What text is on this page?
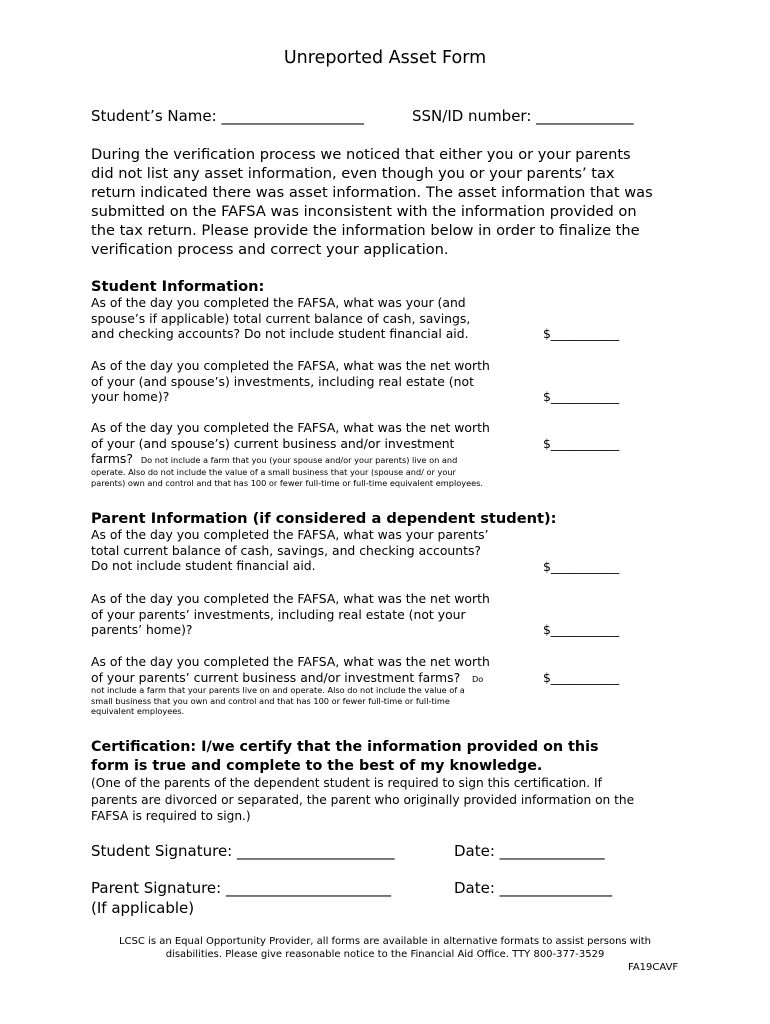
Unreported Asset Form
Student’s Name: ___________________	SSN/ID number: _____________
During the verification process we noticed that either you or your parents
did not list any asset information, even though you or your parents’ tax
return indicated there was asset information. The asset information that was
submitted on the FAFSA was inconsistent with the information provided on
the tax return. Please provide the information below in order to finalize the
verification process and correct your application.
Student Information:
As of the day you completed the FAFSA, what was your (and
spouse’s if applicable) total current balance of cash, savings,
and checking accounts? Do not include student financial aid.	$___________
As of the day you completed the FAFSA, what was the net worth
of your (and spouse’s) investments, including real estate (not
your home)?	$___________
As of the day you completed the FAFSA, what was the net worth
of your (and spouse’s) current business and/or investment
farms? Do not include a farm that you (your spouse and/or your parents) live on and
operate. Also do not include the value of a small business that your (spouse and/ or your
parents) own and control and that has 100 or fewer full-time or full-time equivalent employees.
$___________
Parent Information (if considered a dependent student):
As of the day you completed the FAFSA, what was your parents’
total current balance of cash, savings, and checking accounts?
Do not include student financial aid.	$___________
As of the day you completed the FAFSA, what was the net worth
of your parents’ investments, including real estate (not your
parents’ home)?	$___________
As of the day you completed the FAFSA, what was the net worth
of your parents’ current business and/or investment farms? Do
not include a farm that your parents live on and operate. Also do not include the value of a
small business that you own and control and that has 100 or fewer full-time or full-time
equivalent employees.
$___________
Certification: I/we certify that the information provided on this
form is true and complete to the best of my knowledge.
(One of the parents of the dependent student is required to sign this certification. If
parents are divorced or separated, the parent who originally provided information on the
FAFSA is required to sign.)
Student Signature: _____________________	Date: ______________
Parent Signature: ______________________	Date: _______________
(If applicable)
LCSC is an Equal Opportunity Provider, all forms are available in alternative formats to assist persons with
disabilities. Please give reasonable notice to the Financial Aid Office. TTY 800-377-3529
FA19CAVF
